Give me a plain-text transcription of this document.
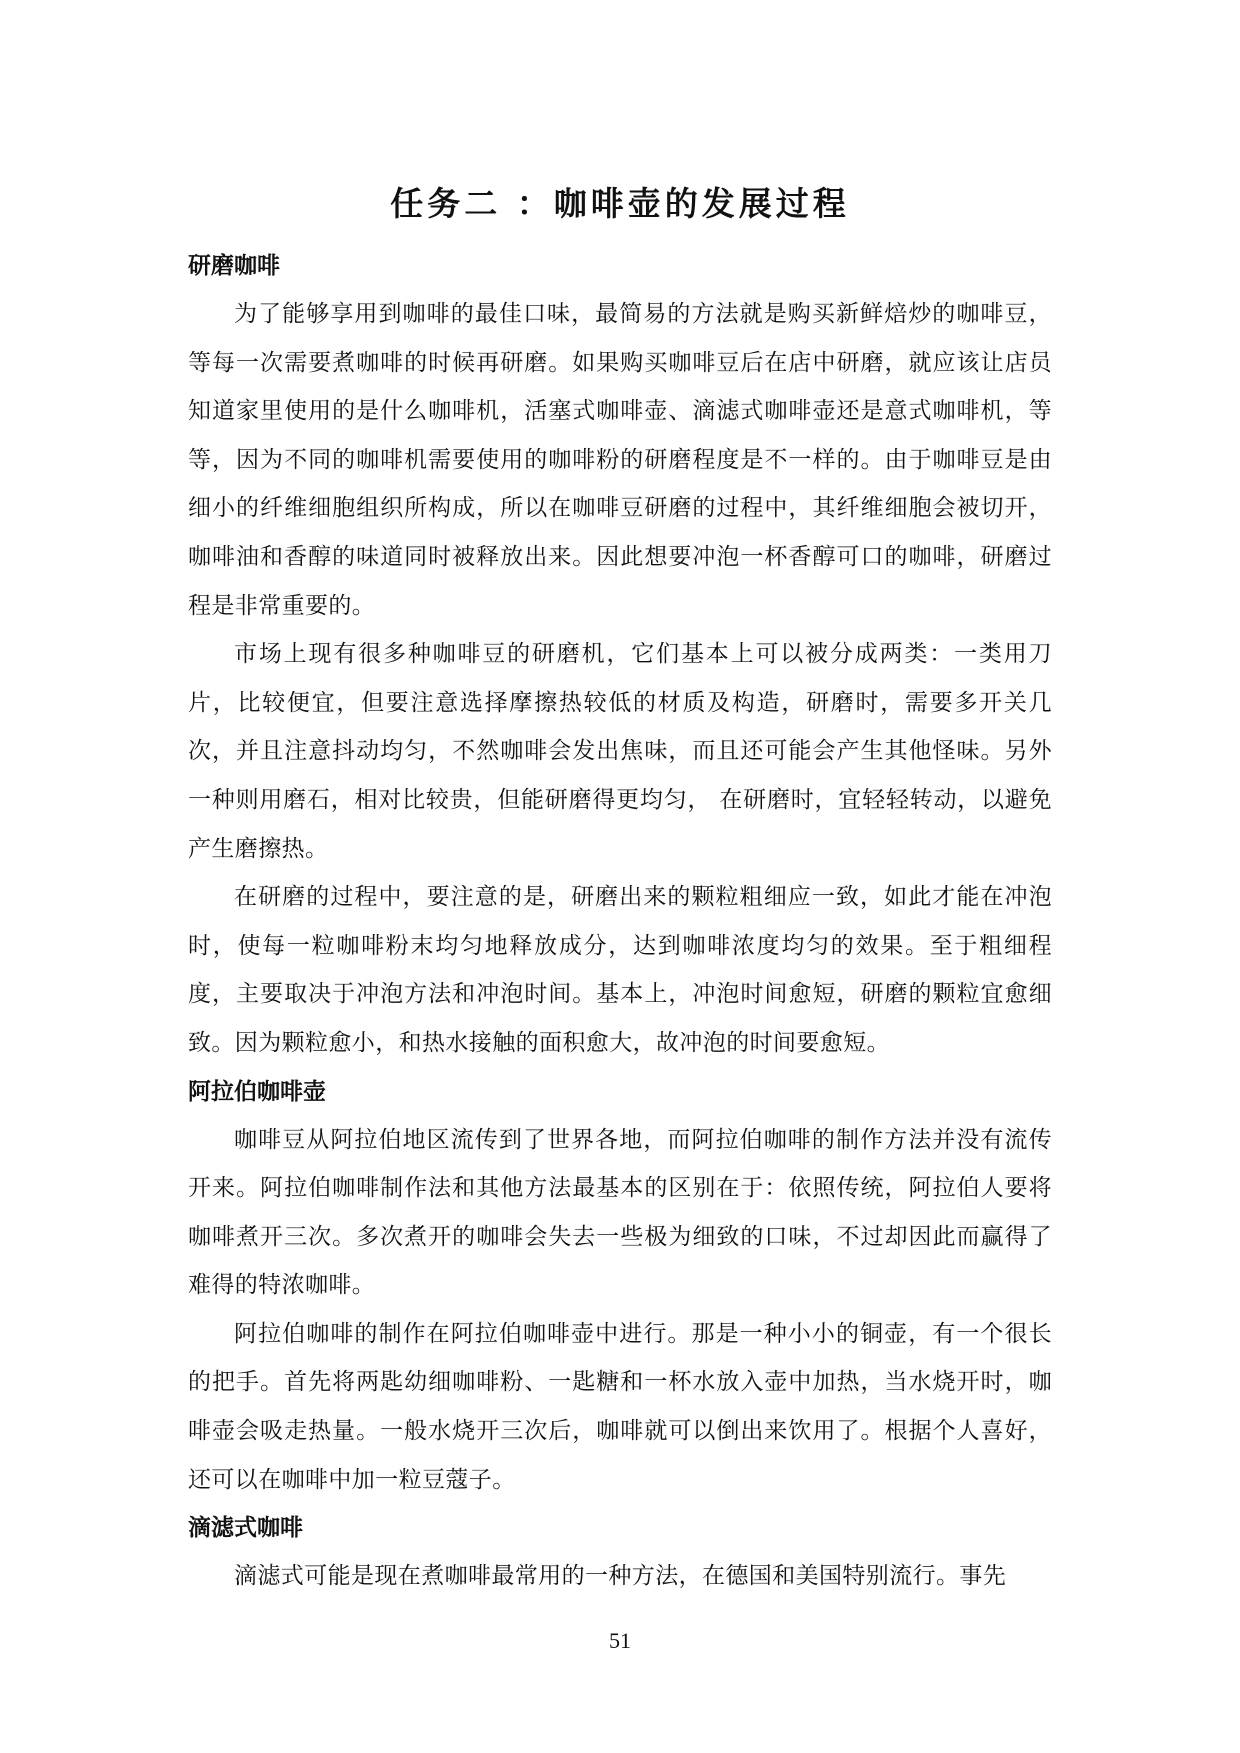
任务二 ：咖啡壶的发展过程
研磨咖啡

为了能够享用到咖啡的最佳口味，最简易的方法就是购买新鲜焙炒的咖啡豆，等每一次需要煮咖啡的时候再研磨。如果购买咖啡豆后在店中研磨，就应该让店员知道家里使用的是什么咖啡机，活塞式咖啡壶、滴滤式咖啡壶还是意式咖啡机，等等，因为不同的咖啡机需要使用的咖啡粉的研磨程度是不一样的。由于咖啡豆是由细小的纤维细胞组织所构成，所以在咖啡豆研磨的过程中，其纤维细胞会被切开，咖啡油和香醇的味道同时被释放出来。因此想要冲泡一杯香醇可口的咖啡，研磨过程是非常重要的。

市场上现有很多种咖啡豆的研磨机，它们基本上可以被分成两类：一类用刀片，比较便宜，但要注意选择摩擦热较低的材质及构造，研磨时，需要多开关几次，并且注意抖动均匀，不然咖啡会发出焦味，而且还可能会产生其他怪味。另外一种则用磨石，相对比较贵，但能研磨得更均匀， 在研磨时，宜轻轻转动，以避免产生磨擦热。

在研磨的过程中，要注意的是，研磨出来的颗粒粗细应一致，如此才能在冲泡时，使每一粒咖啡粉末均匀地释放成分，达到咖啡浓度均匀的效果。至于粗细程度，主要取决于冲泡方法和冲泡时间。基本上，冲泡时间愈短，研磨的颗粒宜愈细致。因为颗粒愈小，和热水接触的面积愈大，故冲泡的时间要愈短。

阿拉伯咖啡壶

咖啡豆从阿拉伯地区流传到了世界各地，而阿拉伯咖啡的制作方法并没有流传开来。阿拉伯咖啡制作法和其他方法最基本的区别在于：依照传统，阿拉伯人要将咖啡煮开三次。多次煮开的咖啡会失去一些极为细致的口味，不过却因此而赢得了难得的特浓咖啡。

阿拉伯咖啡的制作在阿拉伯咖啡壶中进行。那是一种小小的铜壶，有一个很长的把手。首先将两匙幼细咖啡粉、一匙糖和一杯水放入壶中加热，当水烧开时，咖啡壶会吸走热量。一般水烧开三次后，咖啡就可以倒出来饮用了。根据个人喜好，还可以在咖啡中加一粒豆蔻子。

滴滤式咖啡

滴滤式可能是现在煮咖啡最常用的一种方法，在德国和美国特别流行。事先

51
